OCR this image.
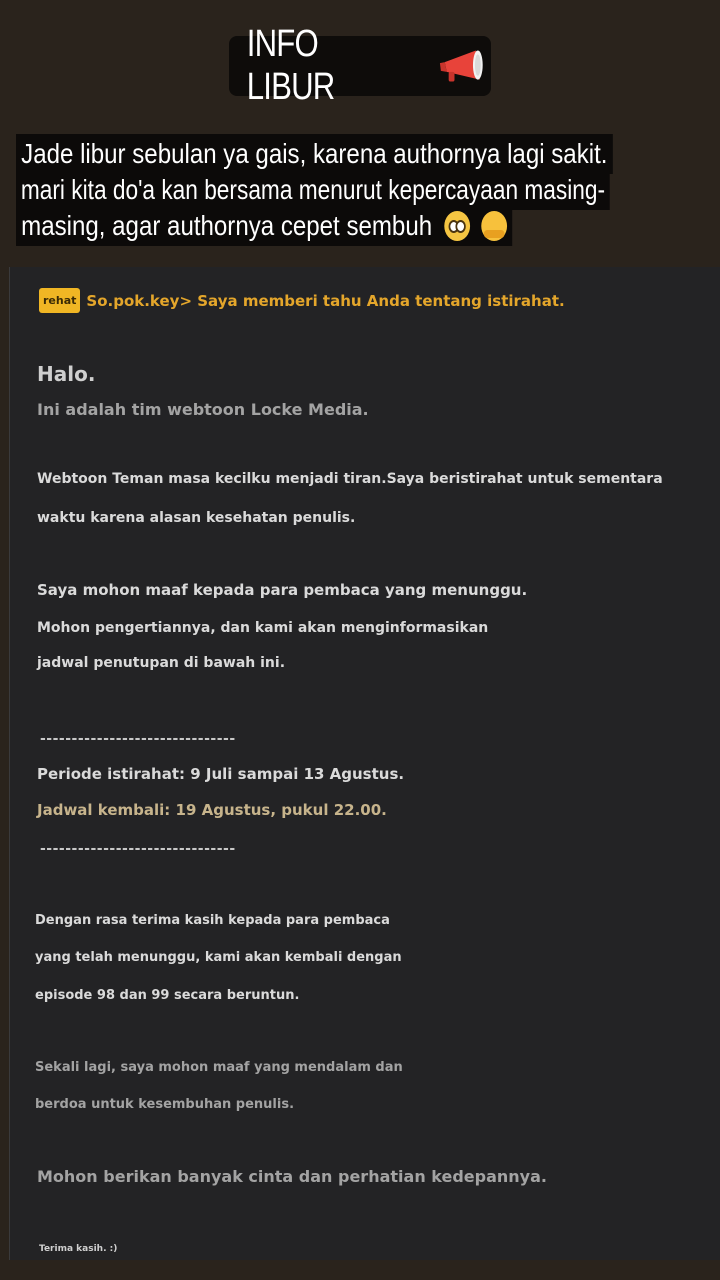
INFO LIBUR
Jade libur sebulan ya gais, karena authornya lagi sakit.
mari kita do'a kan bersama menurut kepercayaan masing-
masing, agar authornya cepet sembuh
rehat So.pok.key> Saya memberi tahu Anda tentang istirahat.
Halo.
Ini adalah tim webtoon Locke Media.
Webtoon Teman masa kecilku menjadi tiran.Saya beristirahat untuk sementara
waktu karena alasan kesehatan penulis.
Saya mohon maaf kepada para pembaca yang menunggu.
Mohon pengertiannya, dan kami akan menginformasikan
jadwal penutupan di bawah ini.
-------------------------------
Periode istirahat: 9 Juli sampai 13 Agustus.
Jadwal kembali: 19 Agustus, pukul 22.00.
-------------------------------
Dengan rasa terima kasih kepada para pembaca
yang telah menunggu, kami akan kembali dengan
episode 98 dan 99 secara beruntun.
Sekali lagi, saya mohon maaf yang mendalam dan
berdoa untuk kesembuhan penulis.
Mohon berikan banyak cinta dan perhatian kedepannya.
Terima kasih. :)
